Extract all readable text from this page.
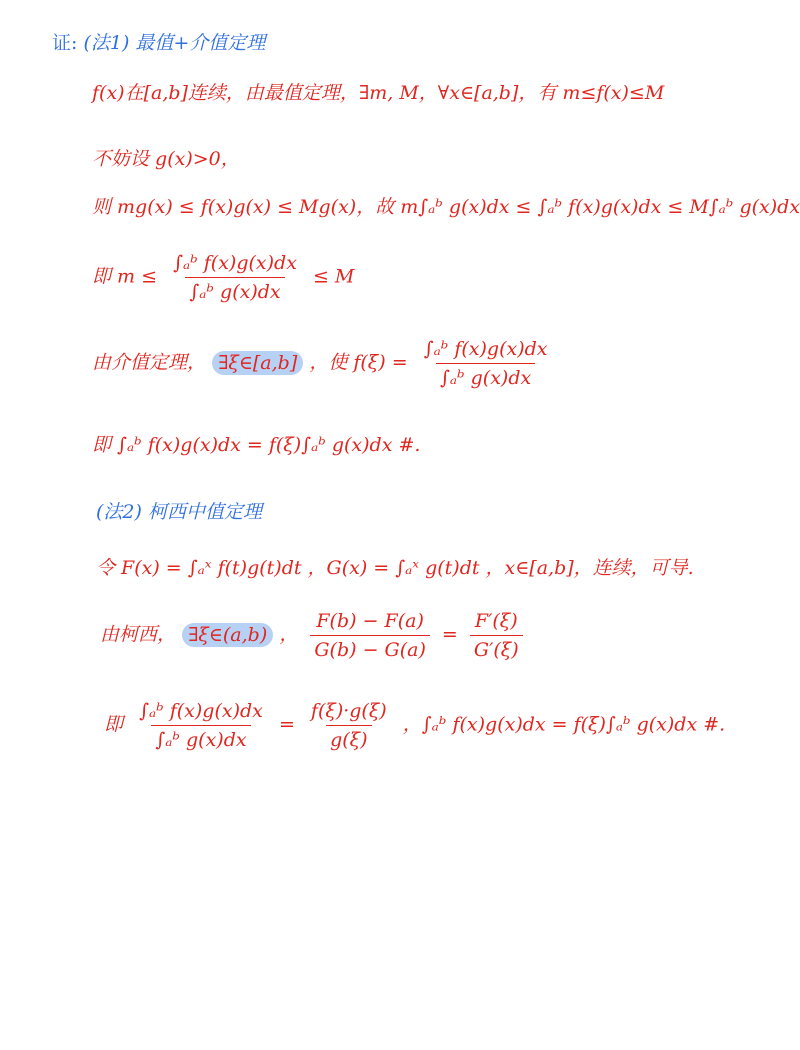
证: (法1) 最值+介值定理
f(x)在[a,b]连续，由最值定理，∃m, M，∀x∈[a,b]，有 m≤f(x)≤M
不妨设 g(x)>0，
则 mg(x) ≤ f(x)g(x) ≤ Mg(x)，故 m∫ₐᵇ g(x)dx ≤ ∫ₐᵇ f(x)g(x)dx ≤ M∫ₐᵇ g(x)dx
即 $m \le \frac{\text{∫ₐᵇ f(x)g(x)dx}}{\text{∫ₐᵇ g(x)dx}} \le M$
由介值定理， ∃ξ∈[a,b] ，使 $f(\xi) = \frac{\text{∫ₐᵇ f(x)g(x)dx}}{\text{∫ₐᵇ g(x)dx}}$
即 ∫ₐᵇ f(x)g(x)dx = f(ξ)∫ₐᵇ g(x)dx #.
(法2) 柯西中值定理
令 F(x) = ∫ₐˣ f(t)g(t)dt ，G(x) = ∫ₐˣ g(t)dt ，x∈[a,b]，连续，可导.
由柯西， ∃ξ∈(a,b) ， $\frac{F(b) - F(a)}{G(b) - G(a)} = \frac{F'(\xi)}{G'(\xi)}$
即 $\frac{\text{∫ₐᵇ f(x)g(x)dx}}{\text{∫ₐᵇ g(x)dx}} = \frac{f(\xi)\cdot g(\xi)}{g(\xi)}$ ，∫ₐᵇ f(x)g(x)dx = f(ξ)∫ₐᵇ g(x)dx #.
